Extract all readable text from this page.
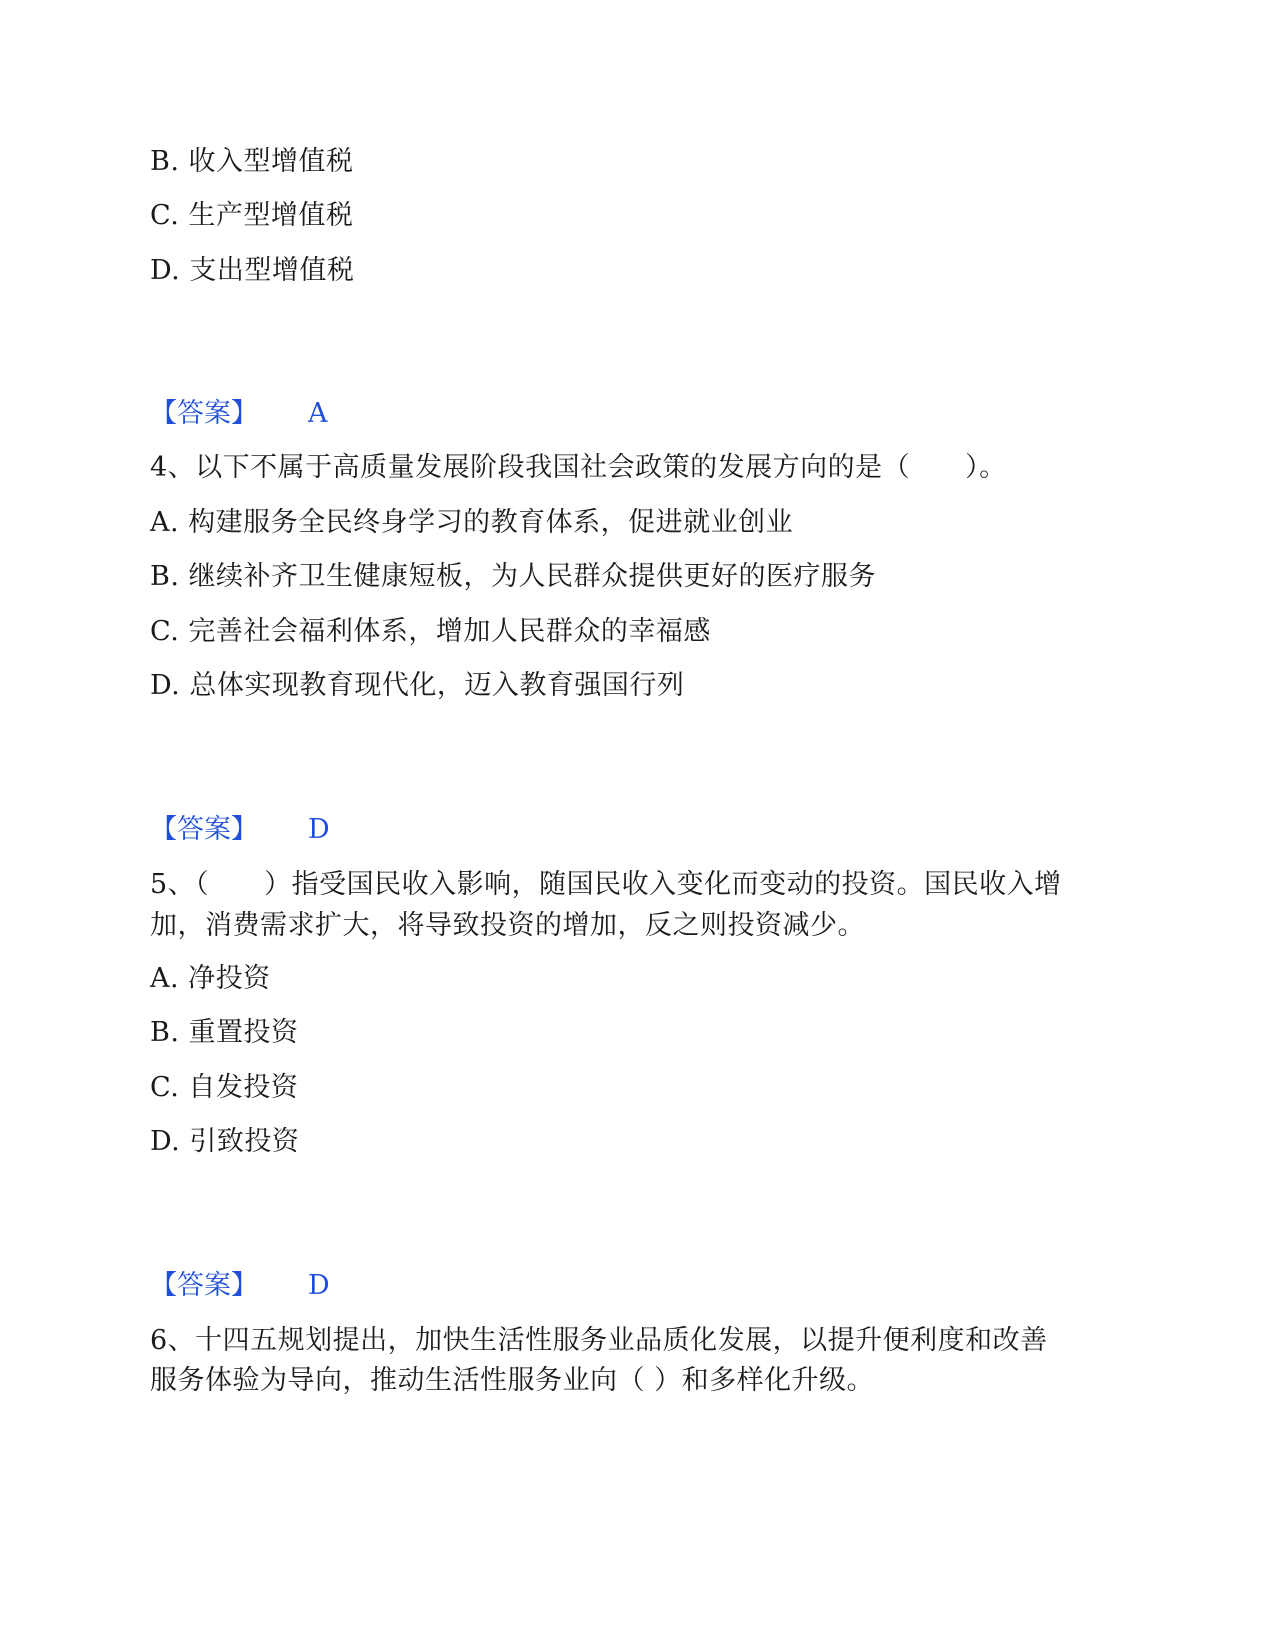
B. 收入型增值税
C. 生产型增值税
D. 支出型增值税
【答案】 A
4、以下不属于高质量发展阶段我国社会政策的发展方向的是（　　）。
A. 构建服务全民终身学习的教育体系，促进就业创业
B. 继续补齐卫生健康短板，为人民群众提供更好的医疗服务
C. 完善社会福利体系，增加人民群众的幸福感
D. 总体实现教育现代化，迈入教育强国行列
【答案】 D
5、（　　）指受国民收入影响，随国民收入变化而变动的投资。国民收入增
加，消费需求扩大，将导致投资的增加，反之则投资减少。
A. 净投资
B. 重置投资
C. 自发投资
D. 引致投资
【答案】 D
6、十四五规划提出，加快生活性服务业品质化发展，以提升便利度和改善
服务体验为导向，推动生活性服务业向（ ）和多样化升级。
